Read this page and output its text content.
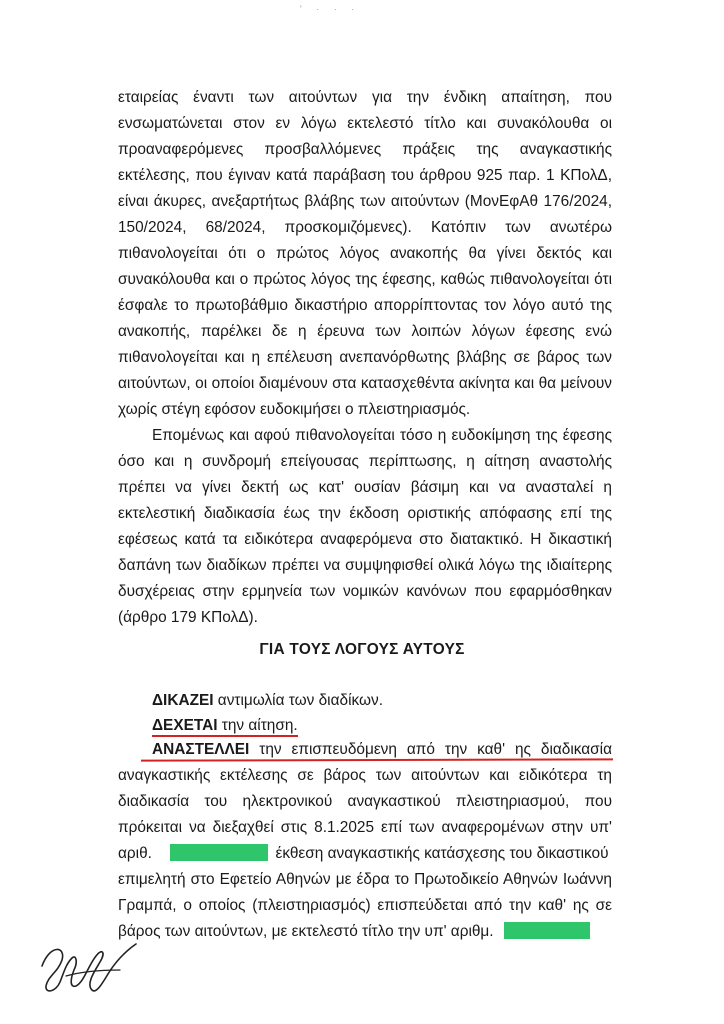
' · · ·
εταιρείας έναντι των αιτούντων για την ένδικη απαίτηση, που
ενσωματώνεται στον εν λόγω εκτελεστό τίτλο και συνακόλουθα οι
προαναφερόμενες προσβαλλόμενες πράξεις της αναγκαστικής
εκτέλεσης, που έγιναν κατά παράβαση του άρθρου 925 παρ. 1 ΚΠολΔ,
είναι άκυρες, ανεξαρτήτως βλάβης των αιτούντων (ΜονΕφΑθ 176/2024,
150/2024, 68/2024, προσκομιζόμενες). Κατόπιν των ανωτέρω
πιθανολογείται ότι ο πρώτος λόγος ανακοπής θα γίνει δεκτός και
συνακόλουθα και ο πρώτος λόγος της έφεσης, καθώς πιθανολογείται ότι
έσφαλε το πρωτοβάθμιο δικαστήριο απορρίπτοντας τον λόγο αυτό της
ανακοπής, παρέλκει δε η έρευνα των λοιπών λόγων έφεσης ενώ
πιθανολογείται και η επέλευση ανεπανόρθωτης βλάβης σε βάρος των
αιτούντων, οι οποίοι διαμένουν στα κατασχεθέντα ακίνητα και θα μείνουν
χωρίς στέγη εφόσον ευδοκιμήσει ο πλειστηριασμός.
Επομένως και αφού πιθανολογείται τόσο η ευδοκίμηση της έφεσης
όσο και η συνδρομή επείγουσας περίπτωσης, η αίτηση αναστολής
πρέπει να γίνει δεκτή ως κατ' ουσίαν βάσιμη και να ανασταλεί η
εκτελεστική διαδικασία έως την έκδοση οριστικής απόφασης επί της
εφέσεως κατά τα ειδικότερα αναφερόμενα στο διατακτικό. Η δικαστική
δαπάνη των διαδίκων πρέπει να συμψηφισθεί ολικά λόγω της ιδιαίτερης
δυσχέρειας στην ερμηνεία των νομικών κανόνων που εφαρμόσθηκαν
(άρθρο 179 ΚΠολΔ).
ΓΙΑ ΤΟΥΣ ΛΟΓΟΥΣ ΑΥΤΟΥΣ
ΔΙΚΑΖΕΙ αντιμωλία των διαδίκων.
ΔΕΧΕΤΑΙ την αίτηση.
ΑΝΑΣΤΕΛΛΕΙ την επισπευδόμενη από την καθ' ης διαδικασία
αναγκαστικής εκτέλεσης σε βάρος των αιτούντων και ειδικότερα τη
διαδικασία του ηλεκτρονικού αναγκαστικού πλειστηριασμού, που
πρόκειται να διεξαχθεί στις 8.1.2025 επί των αναφερομένων στην υπ'
αριθ.	έκθεση αναγκαστικής κατάσχεσης του δικαστικού
επιμελητή στο Εφετείο Αθηνών με έδρα το Πρωτοδικείο Αθηνών Ιωάννη
Γραμπά, ο οποίος (πλειστηριασμός) επισπεύδεται από την καθ' ης σε
βάρος των αιτούντων, με εκτελεστό τίτλο την υπ' αριθμ.
